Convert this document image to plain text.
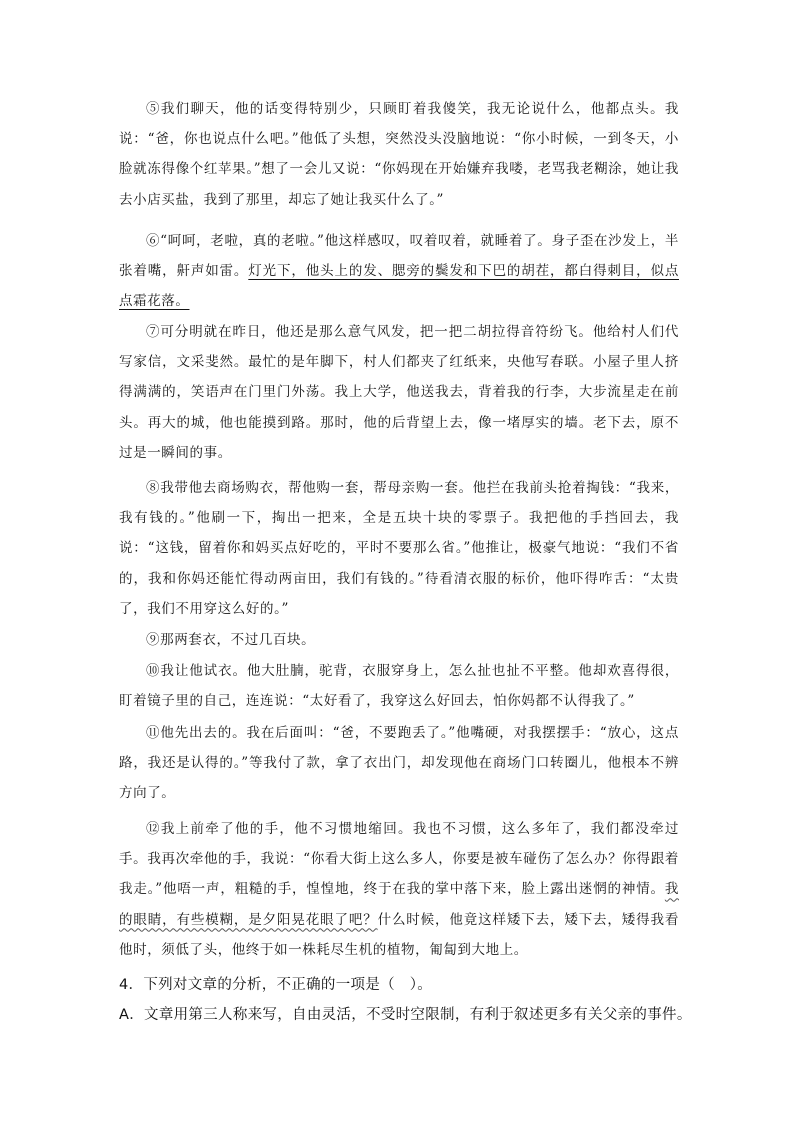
⑤我们聊天，他的话变得特别少，只顾盯着我傻笑，我无论说什么，他都点头。我说：“爸，你也说点什么吧。”他低了头想，突然没头没脑地说：“你小时候，一到冬天，小脸就冻得像个红苹果。”想了一会儿又说：“你妈现在开始嫌弃我喽，老骂我老糊涂，她让我去小店买盐，我到了那里，却忘了她让我买什么了。”

⑥“呵呵，老啦，真的老啦。”他这样感叹，叹着叹着，就睡着了。身子歪在沙发上，半张着嘴，鼾声如雷。灯光下，他头上的发、腮旁的鬓发和下巴的胡茬，都白得刺目，似点点霜花落。

⑦可分明就在昨日，他还是那么意气风发，把一把二胡拉得音符纷飞。他给村人们代写家信，文采斐然。最忙的是年脚下，村人们都夹了红纸来，央他写春联。小屋子里人挤得满满的，笑语声在门里门外荡。我上大学，他送我去，背着我的行李，大步流星走在前头。再大的城，他也能摸到路。那时，他的后背望上去，像一堵厚实的墙。老下去，原不过是一瞬间的事。

⑧我带他去商场购衣，帮他购一套，帮母亲购一套。他拦在我前头抢着掏钱：“我来，我有钱的。”他刷一下，掏出一把来，全是五块十块的零票子。我把他的手挡回去，我说：“这钱，留着你和妈买点好吃的，平时不要那么省。”他推让，极豪气地说：“我们不省的，我和你妈还能忙得动两亩田，我们有钱的。”待看清衣服的标价，他吓得咋舌：“太贵了，我们不用穿这么好的。”

⑨那两套衣，不过几百块。

⑩我让他试衣。他大肚腩，驼背，衣服穿身上，怎么扯也扯不平整。他却欢喜得很，盯着镜子里的自己，连连说：“太好看了，我穿这么好回去，怕你妈都不认得我了。”

⑪他先出去的。我在后面叫：“爸，不要跑丢了。”他嘴硬，对我摆摆手：“放心，这点路，我还是认得的。”等我付了款，拿了衣出门，却发现他在商场门口转圈儿，他根本不辨方向了。

⑫我上前牵了他的手，他不习惯地缩回。我也不习惯，这么多年了，我们都没牵过手。我再次牵他的手，我说：“你看大街上这么多人，你要是被车碰伤了怎么办？你得跟着我走。”他唔一声，粗糙的手，惶惶地，终于在我的掌中落下来，脸上露出迷惘的神情。我的眼睛，有些模糊，是夕阳晃花眼了吧？什么时候，他竟这样矮下去，矮下去，矮得我看他时，须低了头，他终于如一株耗尽生机的植物，匍匐到大地上。

4．下列对文章的分析，不正确的一项是（　）。

A．文章用第三人称来写，自由灵活，不受时空限制，有利于叙述更多有关父亲的事件。
